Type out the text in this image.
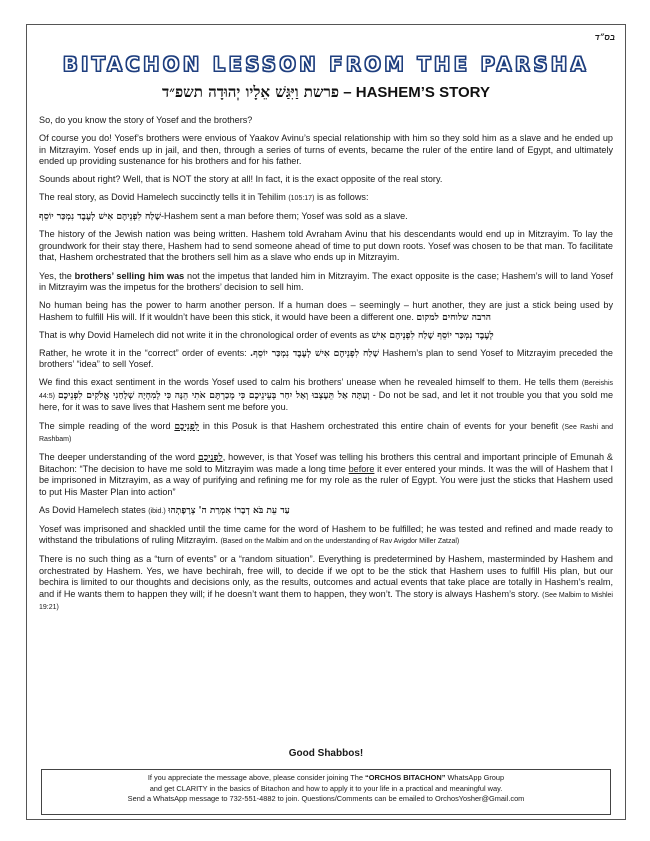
בס״ד
BITACHON LESSON FROM THE PARSHA
פרשת וַיִּגַּשׁ אֵלָיו יְהוּדָה תשפ״ד – HASHEM’S STORY

So, do you know the story of Yosef and the brothers?

Of course you do! Yosef’s brothers were envious of Yaakov Avinu’s special relationship with him so they sold him as a slave and he ended up in Mitzrayim. Yosef ends up in jail, and then, through a series of turns of events, became the ruler of the entire land of Egypt, and ultimately ended up providing sustenance for his brothers and for his father.

Sounds about right? Well, that is NOT the story at all! In fact, it is the exact opposite of the real story.

The real story, as Dovid Hamelech succinctly tells it in Tehilim (105:17) is as follows:

שָׁלַח לִפְנֵיהֶם אִישׁ לְעֶבֶד נִמְכַּר יוֹסֵף-Hashem sent a man before them; Yosef was sold as a slave.

The history of the Jewish nation was being written. Hashem told Avraham Avinu that his descendants would end up in Mitzrayim. To lay the groundwork for their stay there, Hashem had to send someone ahead of time to put down roots. Yosef was chosen to be that man. To facilitate that, Hashem orchestrated that the brothers sell him as a slave who ends up in Mitzrayim.

Yes, the brothers’ selling him was not the impetus that landed him in Mitzrayim. The exact opposite is the case; Hashem’s will to land Yosef in Mitzrayim was the impetus for the brothers’ decision to sell him.

No human being has the power to harm another person. If a human does – seemingly – hurt another, they are just a stick being used by Hashem to fulfill His will. If it wouldn’t have been this stick, it would have been a different one. הרבה שלוחים למקום

That is why Dovid Hamelech did not write it in the chronological order of events as לְעֶבֶד נִמְכַּר יוֹסֵף שָׁלַח לִפְנֵיהֶם אִישׁ

Rather, he wrote it in the “correct” order of events: שָׁלַח לִפְנֵיהֶם אִישׁ לְעֶבֶד נִמְכַּר יוֹסֵף. Hashem’s plan to send Yosef to Mitzrayim preceded the brothers’ “idea” to sell Yosef.

We find this exact sentiment in the words Yosef used to calm his brothers’ unease when he revealed himself to them. He tells them (Bereishis 44:5) וְעַתָּה אַל תֵּעָצְבוּ וְאַל יִחַר בְּעֵינֵיכֶם כִּי מְכַרְתֶּם אֹתִי הֵנָּה כִּי לְמִחְיָה שְׁלָחַנִי אֱלֹקִים לִפְנֵיכֶם - Do not be sad, and let it not trouble you that you sold me here, for it was to save lives that Hashem sent me before you.

The simple reading of the word לִפְנֵיכֶם in this Posuk is that Hashem orchestrated this entire chain of events for your benefit (See Rashi and Rashbam)

The deeper understanding of the word לִפְנֵיכֶם, however, is that Yosef was telling his brothers this central and important principle of Emunah & Bitachon: “The decision to have me sold to Mitzrayim was made a long time before it ever entered your minds. It was the will of Hashem that I be imprisoned in Mitzrayim, as a way of purifying and refining me for my role as the ruler of Egypt. You were just the sticks that Hashem used to put His Master Plan into action”

As Dovid Hamelech states (ibid.) עַד עֵת בֹּא דְבָרוֹ אִמְרַת ה' צְרָפָתְהוּ

Yosef was imprisoned and shackled until the time came for the word of Hashem to be fulfilled; he was tested and refined and made ready to withstand the tribulations of ruling Mitzrayim. (Based on the Malbim and on the understanding of Rav Avigdor Miller Zatzal)

There is no such thing as a “turn of events” or a “random situation”. Everything is predetermined by Hashem, masterminded by Hashem and orchestrated by Hashem. Yes, we have bechirah, free will, to decide if we opt to be the stick that Hashem uses to fulfill His plan, but our bechira is limited to our thoughts and decisions only, as the results, outcomes and actual events that take place are totally in Hashem’s realm, and if He wants them to happen they will; if he doesn’t want them to happen, they won’t. The story is always Hashem’s story. (See Malbim to Mishlei 19:21)

Good Shabbos!
If you appreciate the message above, please consider joining The “ORCHOS BITACHON” WhatsApp Group
and get CLARITY in the basics of Bitachon and how to apply it to your life in a practical and meaningful way.
Send a WhatsApp message to 732-551-4882 to join. Questions/Comments can be emailed to OrchosYosher@Gmail.com
